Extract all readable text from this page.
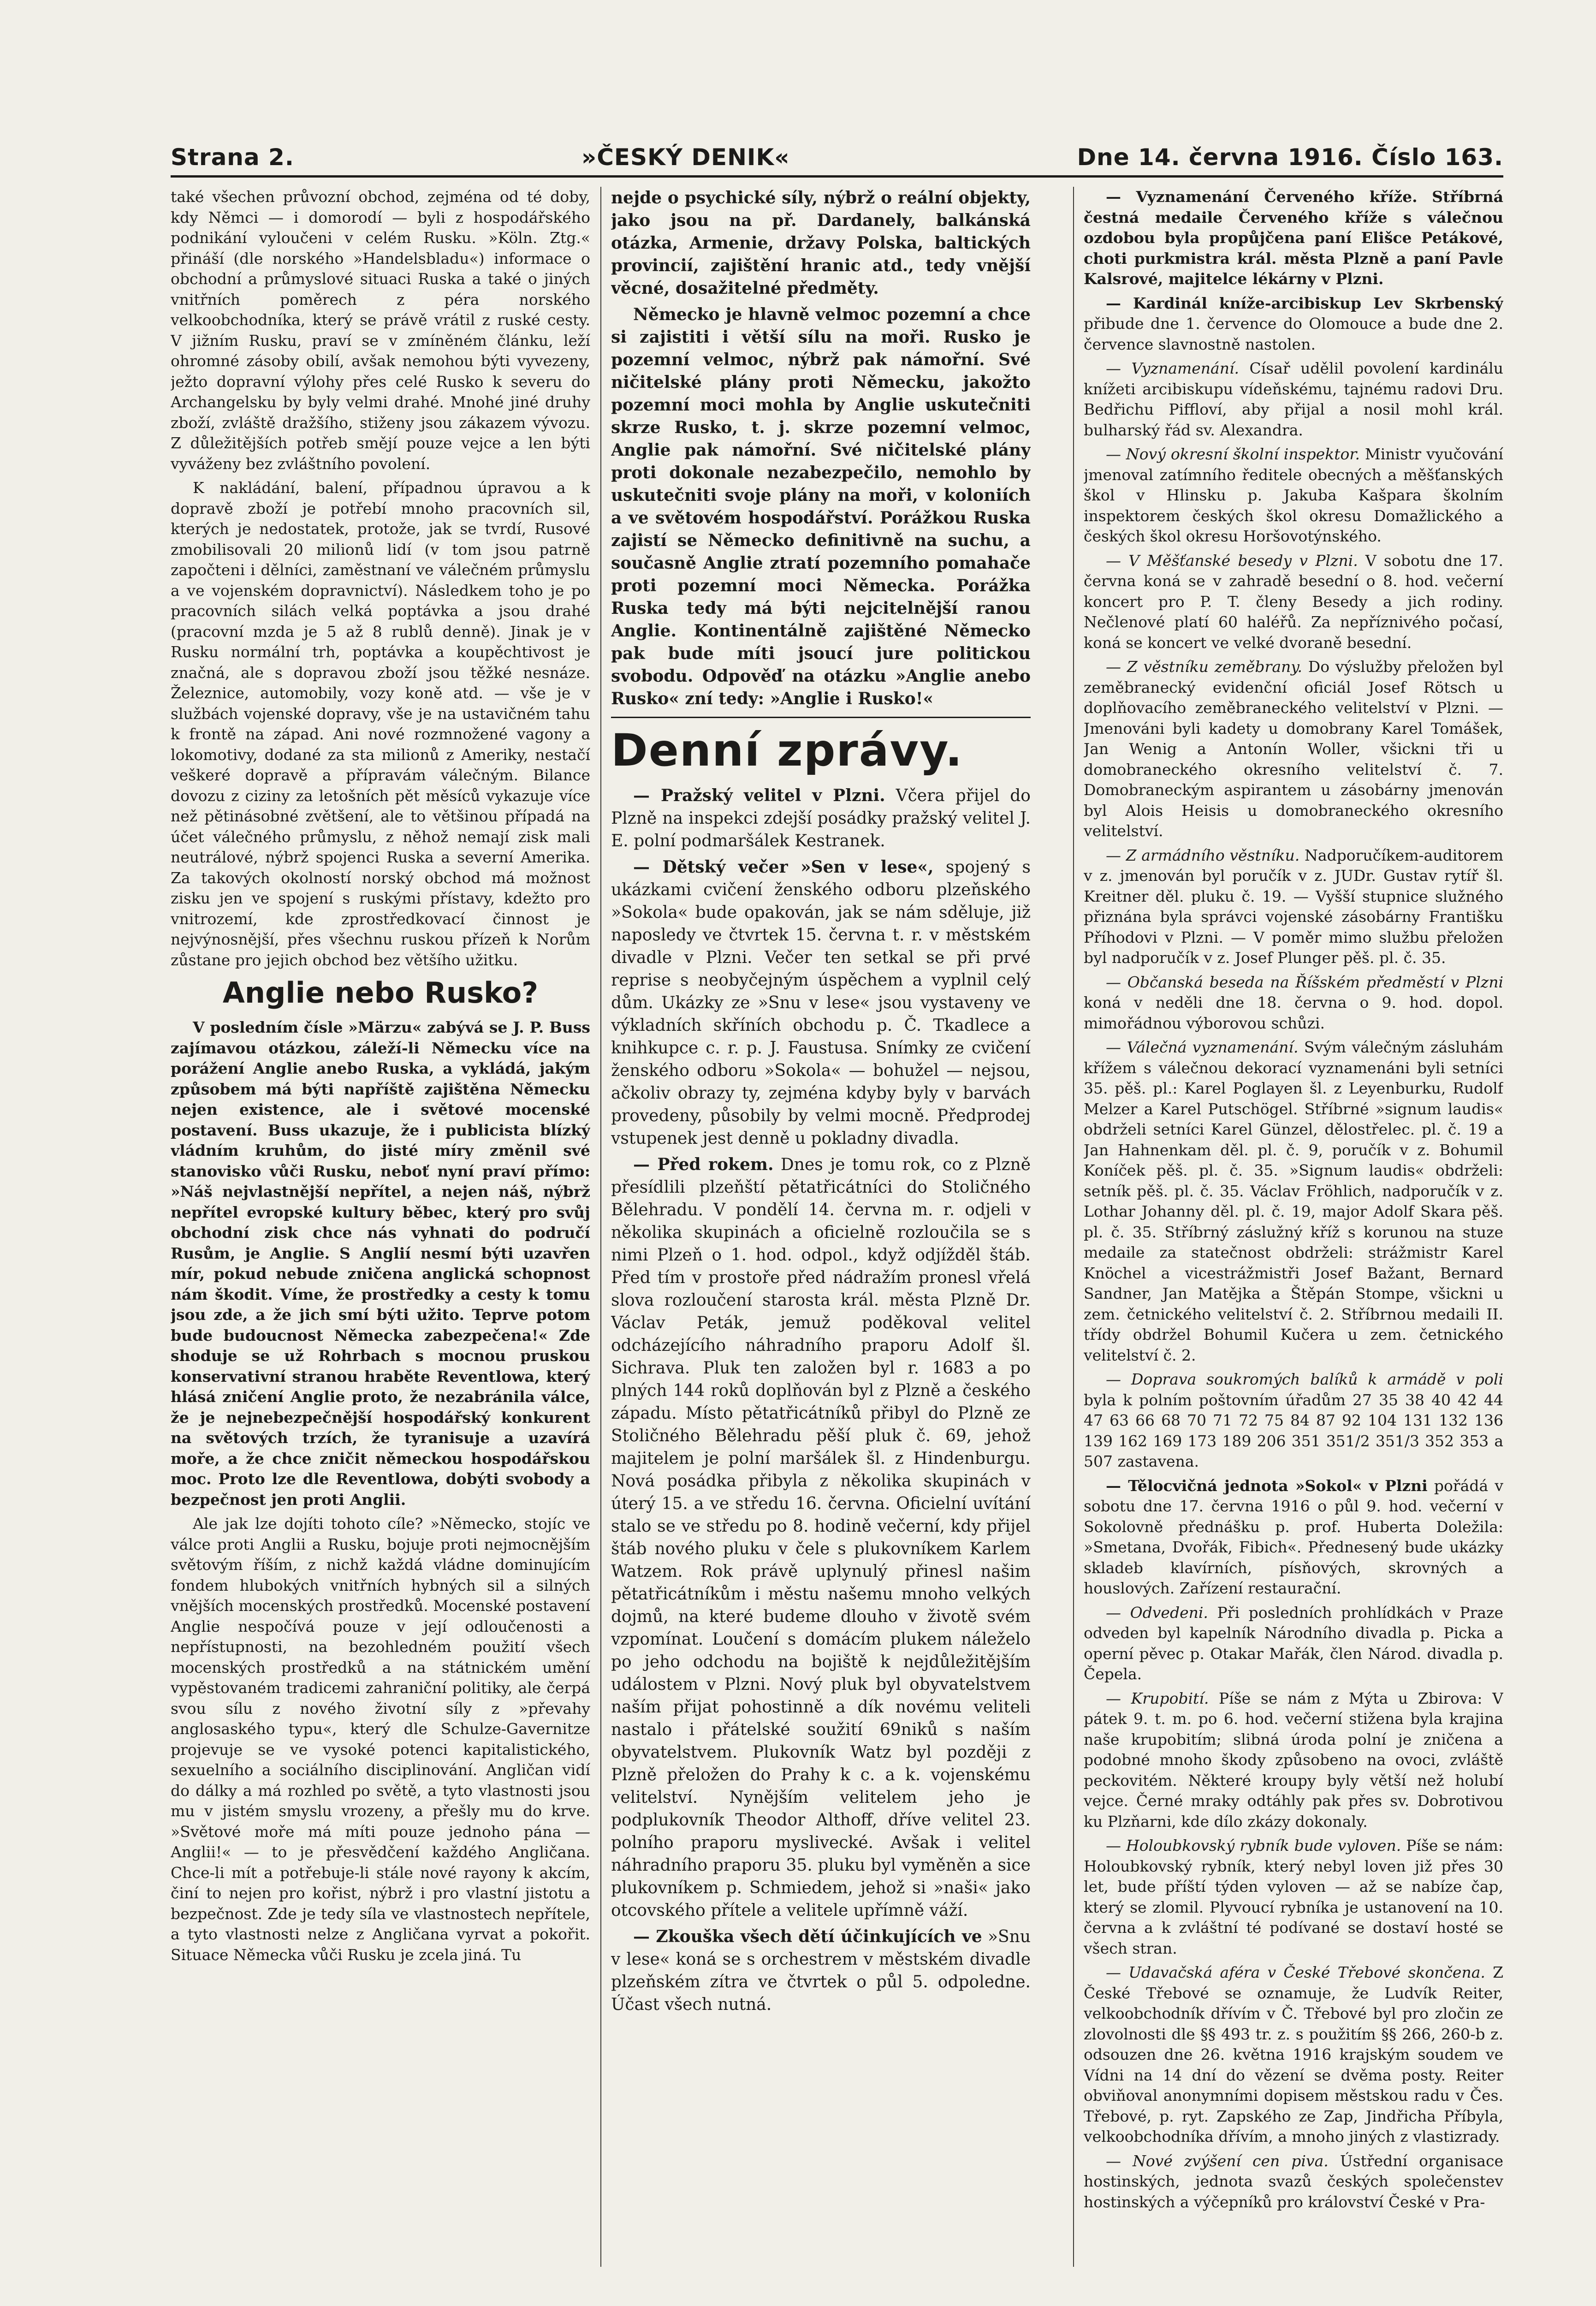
Strana 2.	»ČESKÝ DENIK«	Dne 14. června 1916. Číslo 163.

také všechen průvozní obchod, zejména od té doby, kdy Němci — i domorodí — byli z hospodářského podnikání vyloučeni v celém Rusku. »Köln. Ztg.« přináší (dle norského »Handelsbladu«) informace o obchodní a průmyslové situaci Ruska a také o jiných vnitřních poměrech z péra norského velkoobchodníka, který se právě vrátil z ruské cesty. V jižním Rusku, praví se v zmíněném článku, leží ohromné zásoby obilí, avšak nemohou býti vyvezeny, ježto dopravní výlohy přes celé Rusko k severu do Archangelsku by byly velmi drahé. Mnohé jiné druhy zboží, zvláště dražšího, stiženy jsou zákazem vývozu. Z důležitějších potřeb smějí pouze vejce a len býti vyváženy bez zvláštního povolení.

K nakládání, balení, případnou úpravou a k dopravě zboží je potřebí mnoho pracovních sil, kterých je nedostatek, protože, jak se tvrdí, Rusové zmobilisovali 20 milionů lidí (v tom jsou patrně započteni i dělníci, zaměstnaní ve válečném průmyslu a ve vojenském dopravnictví). Následkem toho je po pracovních silách velká poptávka a jsou drahé (pracovní mzda je 5 až 8 rublů denně). Jinak je v Rusku normální trh, poptávka a koupěchtivost je značná, ale s dopravou zboží jsou těžké nesnáze. Železnice, automobily, vozy koně atd. — vše je v službách vojenské dopravy, vše je na ustavičném tahu k frontě na západ. Ani nové rozmnožené vagony a lokomotivy, dodané za sta milionů z Ameriky, nestačí veškeré dopravě a přípravám válečným. Bilance dovozu z ciziny za letošních pět měsíců vykazuje více než pětinásobné zvětšení, ale to většinou případá na účet válečného průmyslu, z něhož nemají zisk mali neutrálové, nýbrž spojenci Ruska a severní Amerika. Za takových okolností norský obchod má možnost zisku jen ve spojení s ruskými přístavy, kdežto pro vnitrozemí, kde zprostředkovací činnost je nejvýnosnější, přes všechnu ruskou přízeň k Norům zůstane pro jejich obchod bez většího užitku.

Anglie nebo Rusko?

V posledním čísle »Märzu« zabývá se J. P. Buss zajímavou otázkou, záleží-li Německu více na porážení Anglie anebo Ruska, a vykládá, jakým způsobem má býti napříště zajištěna Německu nejen existence, ale i světové mocenské postavení. Buss ukazuje, že i publicista blízký vládním kruhům, do jisté míry změnil své stanovisko vůči Rusku, neboť nyní praví přímo: »Náš nejvlastnější nepřítel, a nejen náš, nýbrž nepřítel evropské kultury běbec, který pro svůj obchodní zisk chce nás vyhnati do područí Rusům, je Anglie. S Anglií nesmí býti uzavřen mír, pokud nebude zničena anglická schopnost nám škodit. Víme, že prostředky a cesty k tomu jsou zde, a že jich smí býti užito. Teprve potom bude budoucnost Německa zabezpečena!« Zde shoduje se už Rohrbach s mocnou pruskou konservativní stranou hraběte Reventlowa, který hlásá zničení Anglie proto, že nezabránila válce, že je nejnebezpečnější hospodářský konkurent na světových trzích, že tyranisuje a uzavírá moře, a že chce zničit německou hospodářskou moc. Proto lze dle Reventlowa, dobýti svobody a bezpečnost jen proti Anglii.

Ale jak lze dojíti tohoto cíle? »Německo, stojíc ve válce proti Anglii a Rusku, bojuje proti nejmocnějším světovým říším, z nichž každá vládne dominujícím fondem hlubokých vnitřních hybných sil a silných vnějších mocenských prostředků. Mocenské postavení Anglie nespočívá pouze v její odloučenosti a nepřístupnosti, na bezohledném použití všech mocenských prostředků a na státnickém umění vypěstovaném tradicemi zahraniční politiky, ale čerpá svou sílu z nového životní síly z »převahy anglosaského typu«, který dle Schulze-Gavernitze projevuje se ve vysoké potenci kapitalistického, sexuelního a sociálního disciplinování. Angličan vidí do dálky a má rozhled po světě, a tyto vlastnosti jsou mu v jistém smyslu vrozeny, a přešly mu do krve. »Světové moře má míti pouze jednoho pána — Anglii!« — to je přesvědčení každého Angličana. Chce-li mít a potřebuje-li stále nové rayony k akcím, činí to nejen pro kořist, nýbrž i pro vlastní jistotu a bezpečnost. Zde je tedy síla ve vlastnostech nepřítele, a tyto vlastnosti nelze z Angličana vyrvat a pokořit. Situace Německa vůči Rusku je zcela jiná. Tu

nejde o psychické síly, nýbrž o reální objekty, jako jsou na př. Dardanely, balkánská otázka, Armenie, državy Polska, baltických provincií, zajištění hranic atd., tedy vnější věcné, dosažitelné předměty.

Německo je hlavně velmoc pozemní a chce si zajistiti i větší sílu na moři. Rusko je pozemní velmoc, nýbrž pak námořní. Své ničitelské plány proti Německu, jakožto pozemní moci mohla by Anglie uskutečniti skrze Rusko, t. j. skrze pozemní velmoc, Anglie pak námořní. Své ničitelské plány proti dokonale nezabezpečilo, nemohlo by uskutečniti svoje plány na moři, v koloniích a ve světovém hospodářství. Porážkou Ruska zajistí se Německo definitivně na suchu, a současně Anglie ztratí pozemního pomahače proti pozemní moci Německa. Porážka Ruska tedy má býti nejcitelnější ranou Anglie. Kontinentálně zajištěné Německo pak bude míti jsoucí jure politickou svobodu. Odpověď na otázku »Anglie anebo Rusko« zní tedy: »Anglie i Rusko!«

Denní zprávy.

— Pražský velitel v Plzni. Včera přijel do Plzně na inspekci zdejší posádky pražský velitel J. E. polní podmaršálek Kestranek.

— Dětský večer »Sen v lese«, spojený s ukázkami cvičení ženského odboru plzeňského »Sokola« bude opakován, jak se nám sděluje, již naposledy ve čtvrtek 15. června t. r. v městském divadle v Plzni. Večer ten setkal se při prvé reprise s neobyčejným úspěchem a vyplnil celý dům. Ukázky ze »Snu v lese« jsou vystaveny ve výkladních skříních obchodu p. Č. Tkadlece a knihkupce c. r. p. J. Faustusa. Snímky ze cvičení ženského odboru »Sokola« — bohužel — nejsou, ačkoliv obrazy ty, zejména kdyby byly v barvách provedeny, působily by velmi mocně. Předprodej vstupenek jest denně u pokladny divadla.

— Před rokem. Dnes je tomu rok, co z Plzně přesídlili plzeňští pětatřicátníci do Stoličného Bělehradu. V pondělí 14. června m. r. odjeli v několika skupinách a oficielně rozloučila se s nimi Plzeň o 1. hod. odpol., když odjížděl štáb. Před tím v prostoře před nádražím pronesl vřelá slova rozloučení starosta král. města Plzně Dr. Václav Peták, jemuž poděkoval velitel odcházejícího náhradního praporu Adolf šl. Sichrava. Pluk ten založen byl r. 1683 a po plných 144 roků doplňován byl z Plzně a českého západu. Místo pětatřicátníků přibyl do Plzně ze Stoličného Bělehradu pěší pluk č. 69, jehož majitelem je polní maršálek šl. z Hindenburgu. Nová posádka přibyla z několika skupinách v úterý 15. a ve středu 16. června. Oficielní uvítání stalo se ve středu po 8. hodině večerní, kdy přijel štáb nového pluku v čele s plukovníkem Karlem Watzem. Rok právě uplynulý přinesl našim pětatřicátníkům i městu našemu mnoho velkých dojmů, na které budeme dlouho v životě svém vzpomínat. Loučení s domácím plukem náleželo po jeho odchodu na bojiště k nejdůležitějším událostem v Plzni. Nový pluk byl obyvatelstvem naším přijat pohostinně a dík novému veliteli nastalo i přátelské soužití 69niků s naším obyvatelstvem. Plukovník Watz byl později z Plzně přeložen do Prahy k c. a k. vojenskému velitelství. Nynějším velitelem jeho je podplukovník Theodor Althoff, dříve velitel 23. polního praporu myslivecké. Avšak i velitel náhradního praporu 35. pluku byl vyměněn a sice plukovníkem p. Schmiedem, jehož si »naši« jako otcovského přítele a velitele upřímně váží.

— Zkouška všech dětí účinkujících ve »Snu v lese« koná se s orchestrem v městském divadle plzeňském zítra ve čtvrtek o půl 5. odpoledne. Účast všech nutná.

— Vyznamenání Červeného kříže. Stříbrná čestná medaile Červeného kříže s válečnou ozdobou byla propůjčena paní Elišce Petákové, choti purkmistra král. města Plzně a paní Pavle Kalsrové, majitelce lékárny v Plzni.

— Kardinál kníže-arcibiskup Lev Skrbenský přibude dne 1. července do Olomouce a bude dne 2. července slavnostně nastolen.

— Vyznamenání. Císař udělil povolení kardinálu knížeti arcibiskupu vídeňskému, tajnému radovi Dru. Bedřichu Piffloví, aby přijal a nosil mohl král. bulharský řád sv. Alexandra.

— Nový okresní školní inspektor. Ministr vyučování jmenoval zatímního ředitele obecných a měšťanských škol v Hlinsku p. Jakuba Kašpara školním inspektorem českých škol okresu Domažlického a českých škol okresu Horšovotýnského.

— V Měšťanské besedy v Plzni. V sobotu dne 17. června koná se v zahradě besední o 8. hod. večerní koncert pro P. T. členy Besedy a jich rodiny. Nečlenové platí 60 haléřů. Za nepříznivého počasí, koná se koncert ve velké dvoraně besední.

— Z věstníku zeměbrany. Do výslužby přeložen byl zeměbranecký evidenční oficiál Josef Rötsch u doplňovacího zeměbraneckého velitelství v Plzni. — Jmenováni byli kadety u domobrany Karel Tomášek, Jan Wenig a Antonín Woller, všickni tři u domobraneckého okresního velitelství č. 7. Domobraneckým aspirantem u zásobárny jmenován byl Alois Heisis u domobraneckého okresního velitelství.

— Z armádního věstníku. Nadporučíkem-auditorem v z. jmenován byl poručík v z. JUDr. Gustav rytíř šl. Kreitner děl. pluku č. 19. — Vyšší stupnice služného přiznána byla správci vojenské zásobárny Františku Příhodovi v Plzni. — V poměr mimo službu přeložen byl nadporučík v z. Josef Plunger pěš. pl. č. 35.

— Občanská beseda na Říšském předměstí v Plzni koná v neděli dne 18. června o 9. hod. dopol. mimořádnou výborovou schůzi.

— Válečná vyznamenání. Svým válečným zásluhám křížem s válečnou dekorací vyznamenáni byli setníci 35. pěš. pl.: Karel Poglayen šl. z Leyenburku, Rudolf Melzer a Karel Putschögel. Stříbrné »signum laudis« obdrželi setníci Karel Günzel, dělostřelec. pl. č. 19 a Jan Hahnenkam děl. pl. č. 9, poručík v z. Bohumil Koníček pěš. pl. č. 35. »Signum laudis« obdrželi: setník pěš. pl. č. 35. Václav Fröhlich, nadporučík v z. Lothar Johanny děl. pl. č. 19, major Adolf Skara pěš. pl. č. 35. Stříbrný záslužný kříž s korunou na stuze medaile za statečnost obdrželi: strážmistr Karel Knöchel a vicestrážmistři Josef Bažant, Bernard Sandner, Jan Matějka a Štěpán Stompe, všickni u zem. četnického velitelství č. 2. Stříbrnou medaili II. třídy obdržel Bohumil Kučera u zem. četnického velitelství č. 2.

— Doprava soukromých balíků k armádě v poli byla k polním poštovním úřadům 27 35 38 40 42 44 47 63 66 68 70 71 72 75 84 87 92 104 131 132 136 139 162 169 173 189 206 351 351/2 351/3 352 353 a 507 zastavena.

— Tělocvičná jednota »Sokol« v Plzni pořádá v sobotu dne 17. června 1916 o půl 9. hod. večerní v Sokolovně přednášku p. prof. Huberta Doležila: »Smetana, Dvořák, Fibich«. Přednesený bude ukázky skladeb klavírních, písňových, skrovných a houslových. Zařízení restaurační.

— Odvedeni. Při posledních prohlídkách v Praze odveden byl kapelník Národního divadla p. Picka a operní pěvec p. Otakar Mařák, člen Národ. divadla p. Čepela.

— Krupobití. Píše se nám z Mýta u Zbirova: V pátek 9. t. m. po 6. hod. večerní stižena byla krajina naše krupobitím; slibná úroda polní je zničena a podobné mnoho škody způsobeno na ovoci, zvláště peckovitém. Některé kroupy byly větší než holubí vejce. Černé mraky odtáhly pak přes sv. Dobrotivou ku Plzňarni, kde dílo zkázy dokonaly.

— Holoubkovský rybník bude vyloven. Píše se nám: Holoubkovský rybník, který nebyl loven již přes 30 let, bude příští týden vyloven — až se nabíze čap, který se zlomil. Plyvoucí rybníka je ustanovení na 10. června a k zvláštní té podívané se dostaví hosté se všech stran.

— Udavačská aféra v České Třebové skončena. Z České Třebové se oznamuje, že Ludvík Reiter, velkoobchodník dřívím v Č. Třebové byl pro zločin ze zlovolnosti dle §§ 493 tr. z. s použitím §§ 266, 260-b z. odsouzen dne 26. května 1916 krajským soudem ve Vídni na 14 dní do vězení se dvěma posty. Reiter obviňoval anonymními dopisem městskou radu v Čes. Třebové, p. ryt. Zapského ze Zap, Jindřicha Příbyla, velkoobchodníka dřívím, a mnoho jiných z vlastizrady.

— Nové zvýšení cen piva. Ústřední organisace hostinských, jednota svazů českých společenstev hostinských a výčepníků pro království České v Pra-
